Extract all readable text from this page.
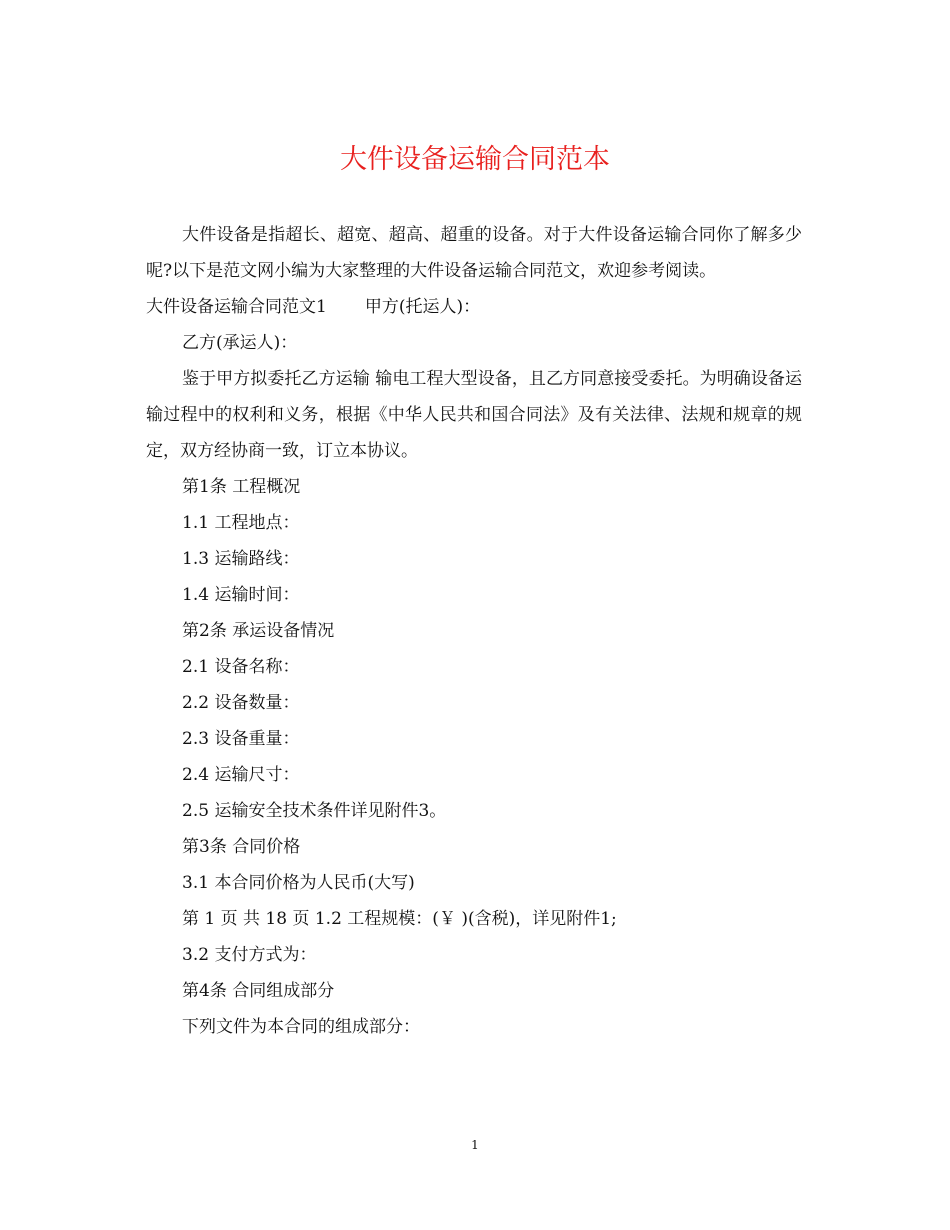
大件设备运输合同范本

大件设备是指超长、超宽、超高、超重的设备。对于大件设备运输合同你了解多少呢?以下是范文网小编为大家整理的大件设备运输合同范文，欢迎参考阅读。

大件设备运输合同范文1 甲方(托运人)：

乙方(承运人)：

鉴于甲方拟委托乙方运输 输电工程大型设备，且乙方同意接受委托。为明确设备运输过程中的权利和义务，根据《中华人民共和国合同法》及有关法律、法规和规章的规定，双方经协商一致，订立本协议。

第1条 工程概况

1.1 工程地点：

1.3 运输路线：

1.4 运输时间：

第2条 承运设备情况

2.1 设备名称：

2.2 设备数量：

2.3 设备重量：

2.4 运输尺寸：

2.5 运输安全技术条件详见附件3。

第3条 合同价格

3.1 本合同价格为人民币(大写)

第 1 页 共 18 页 1.2 工程规模：(￥ )(含税)，详见附件1;

3.2 支付方式为：

第4条 合同组成部分

下列文件为本合同的组成部分：

1
